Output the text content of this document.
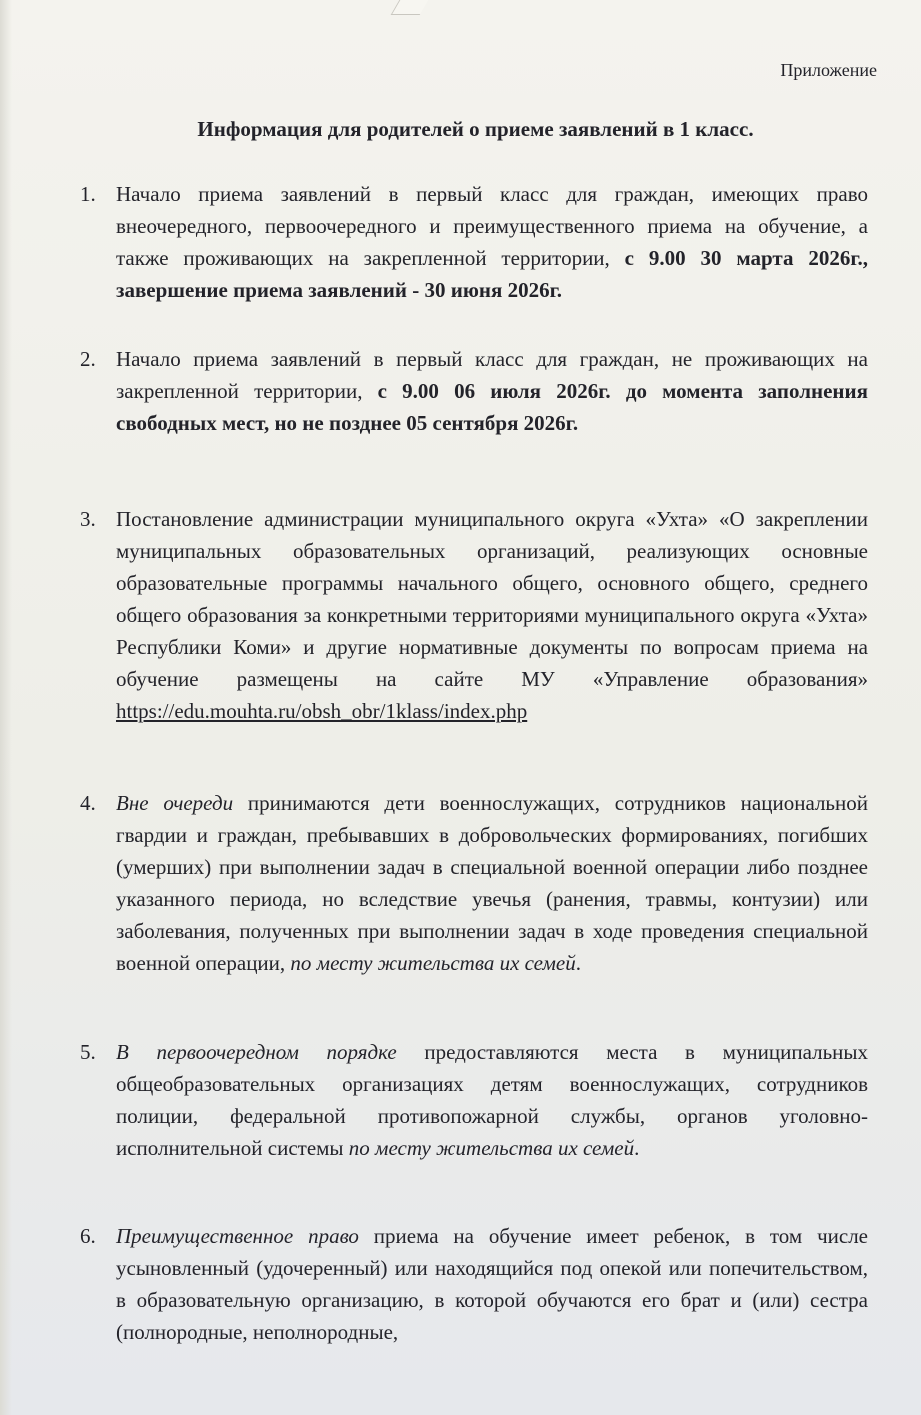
Приложение
Информация для родителей о приеме заявлений в 1 класс.
1. Начало приема заявлений в первый класс для граждан, имеющих право внеочередного, первоочередного и преимущественного приема на обучение, а также проживающих на закрепленной территории, с 9.00 30 марта 2026г., завершение приема заявлений - 30 июня 2026г.
2. Начало приема заявлений в первый класс для граждан, не проживающих на закрепленной территории, с 9.00 06 июля 2026г. до момента заполнения свободных мест, но не позднее 05 сентября 2026г.
3. Постановление администрации муниципального округа «Ухта» «О закреплении муниципальных образовательных организаций, реализующих основные образовательные программы начального общего, основного общего, среднего общего образования за конкретными территориями муниципального округа «Ухта» Республики Коми» и другие нормативные документы по вопросам приема на обучение размещены на сайте МУ «Управление образования» https://edu.mouhta.ru/obsh_obr/1klass/index.php
4. Вне очереди принимаются дети военнослужащих, сотрудников национальной гвардии и граждан, пребывавших в добровольческих формированиях, погибших (умерших) при выполнении задач в специальной военной операции либо позднее указанного периода, но вследствие увечья (ранения, травмы, контузии) или заболевания, полученных при выполнении задач в ходе проведения специальной военной операции, по месту жительства их семей.
5. В первоочередном порядке предоставляются места в муниципальных общеобразовательных организациях детям военнослужащих, сотрудников полиции, федеральной противопожарной службы, органов уголовно-исполнительной системы по месту жительства их семей.
6. Преимущественное право приема на обучение имеет ребенок, в том числе усыновленный (удочеренный) или находящийся под опекой или попечительством, в образовательную организацию, в которой обучаются его брат и (или) сестра (полнородные, неполнородные,
